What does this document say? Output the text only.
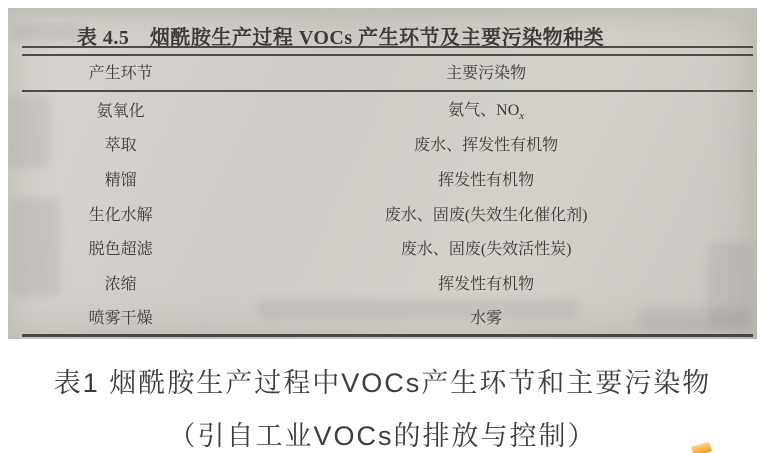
表 4.5　烟酰胺生产过程 VOCs 产生环节及主要污染物种类
产生环节	主要污染物
氨氧化	氨气、$NO_x$
萃取	废水、挥发性有机物
精馏	挥发性有机物
生化水解	废水、固废(失效生化催化剂)
脱色超滤	废水、固废(失效活性炭)
浓缩	挥发性有机物
喷雾干燥	水雾
表1 烟酰胺生产过程中VOCs产生环节和主要污染物
（引自工业VOCs的排放与控制）
